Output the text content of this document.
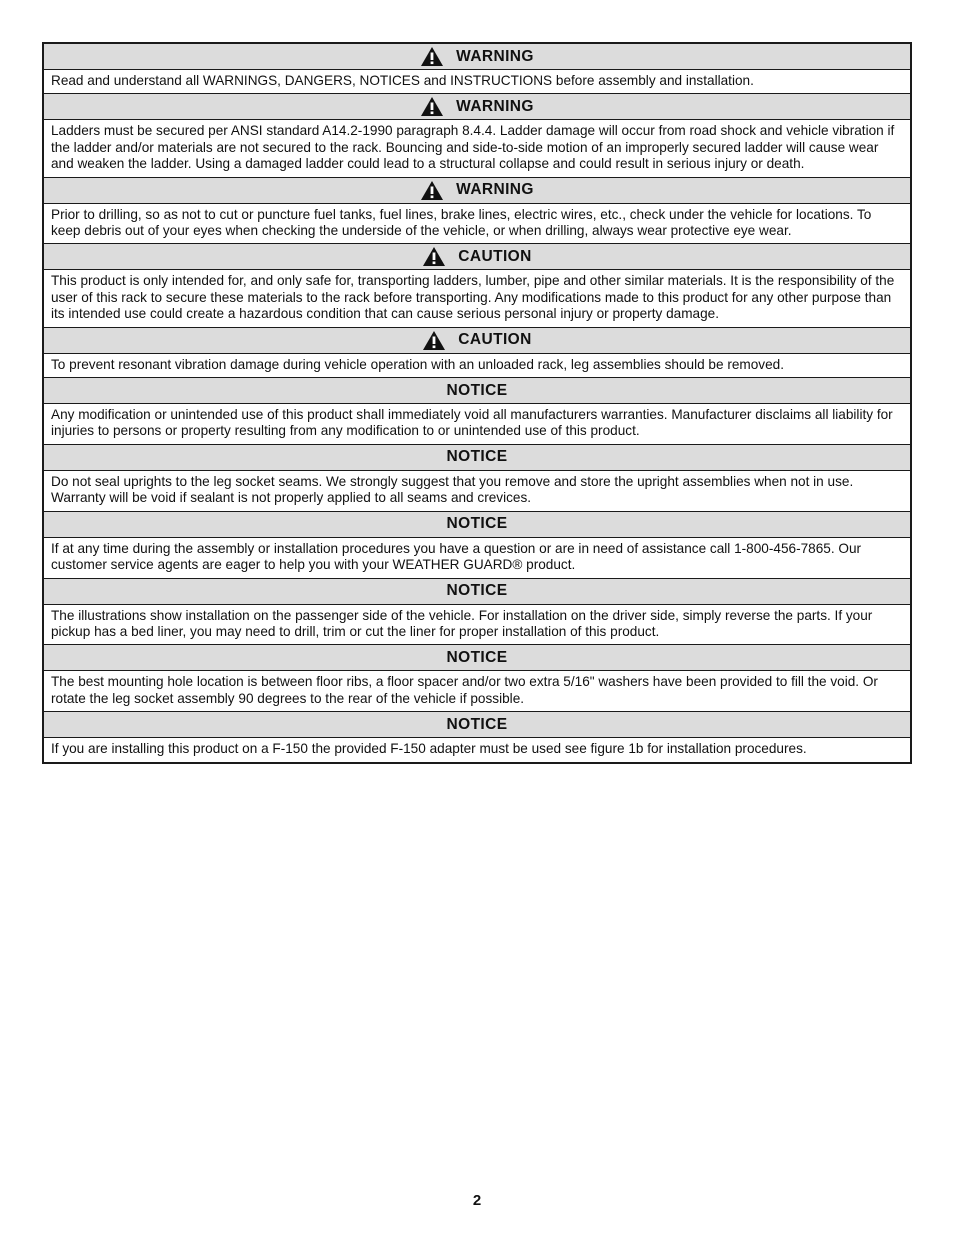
WARNING
Read and understand all WARNINGS, DANGERS, NOTICES and INSTRUCTIONS before assembly and installation.
WARNING
Ladders must be secured per ANSI standard A14.2-1990 paragraph 8.4.4. Ladder damage will occur from road shock and vehicle vibration if the ladder and/or materials are not secured to the rack. Bouncing and side-to-side motion of an improperly secured ladder will cause wear and weaken the ladder. Using a damaged ladder could lead to a structural collapse and could result in serious injury or death.
WARNING
Prior to drilling, so as not to cut or puncture fuel tanks, fuel lines, brake lines, electric wires, etc., check under the vehicle for locations. To keep debris out of your eyes when checking the underside of the vehicle, or when drilling, always wear protective eye wear.
CAUTION
This product is only intended for, and only safe for, transporting ladders, lumber, pipe and other similar materials. It is the responsibility of the user of this rack to secure these materials to the rack before transporting. Any modifications made to this product for any other purpose than its intended use could create a hazardous condition that can cause serious personal injury or property damage.
CAUTION
To prevent resonant vibration damage during vehicle operation with an unloaded rack, leg assemblies should be removed.
NOTICE
Any modification or unintended use of this product shall immediately void all manufacturers warranties. Manufacturer disclaims all liability for injuries to persons or property resulting from any modification to or unintended use of this product.
NOTICE
Do not seal uprights to the leg socket seams. We strongly suggest that you remove and store the upright assemblies when not in use. Warranty will be void if sealant is not properly applied to all seams and crevices.
NOTICE
If at any time during the assembly or installation procedures you have a question or are in need of assistance call 1-800-456-7865. Our customer service agents are eager to help you with your WEATHER GUARD® product.
NOTICE
The illustrations show installation on the passenger side of the vehicle. For installation on the driver side, simply reverse the parts. If your pickup has a bed liner, you may need to drill, trim or cut the liner for proper installation of this product.
NOTICE
The best mounting hole location is between floor ribs, a floor spacer and/or two extra 5/16" washers have been provided to fill the void. Or rotate the leg socket assembly 90 degrees to the rear of the vehicle if possible.
NOTICE
If you are installing this product on a F-150 the provided F-150 adapter must be used see figure 1b for installation procedures.
2
